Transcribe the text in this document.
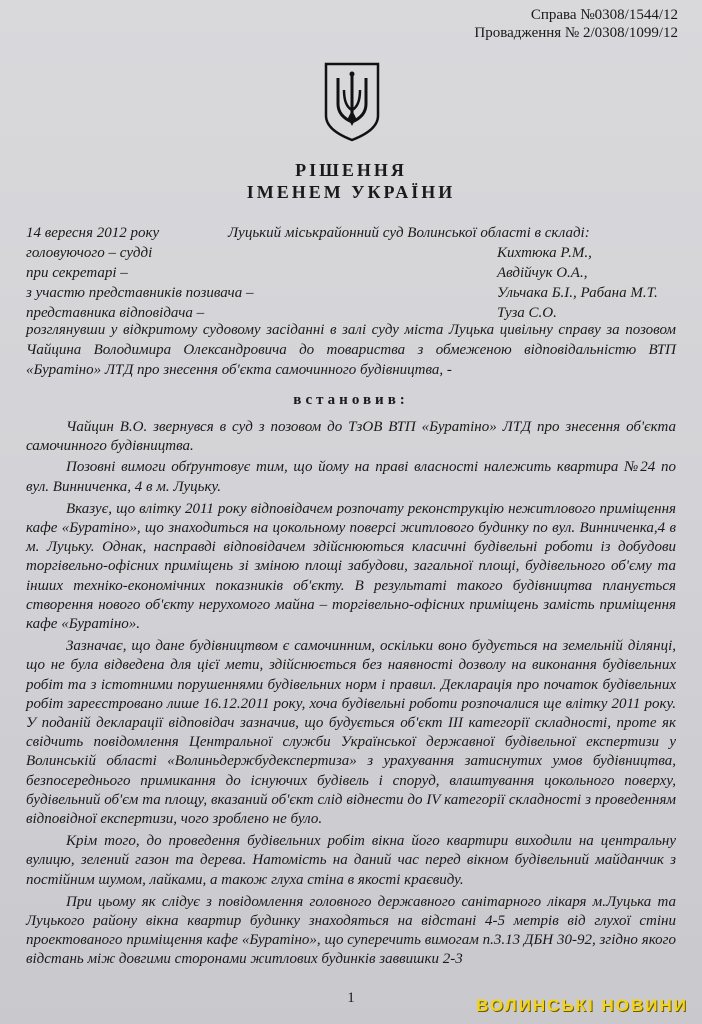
Справа №0308/1544/12
Провадження № 2/0308/1099/12
РІШЕННЯ
ІМЕНЕМ УКРАЇНИ
14 вересня 2012 року
головуючого – судді
при секретарі –
з участю представників позивача –
представника відповідача –
Луцький міськрайонний суд Волинської області в складі:
Кихтюка Р.М.,
Авдійчук О.А.,
Ульчака Б.І., Рабана М.Т.
Туза С.О.
розглянувши у відкритому судовому засіданні в залі суду міста Луцька цивільну справу за позовом Чайцина Володимира Олександровича до товариства з обмеженою відповідальністю ВТП «Буратіно» ЛТД про знесення об'єкта самочинного будівництва, -
встановив:

Чайцин В.О. звернувся в суд з позовом до ТзОВ ВТП «Буратіно» ЛТД про знесення об'єкта самочинного будівництва.

Позовні вимоги обґрунтовує тим, що йому на праві власності належить квартира №24 по вул. Винниченка, 4 в м. Луцьку.

Вказує, що влітку 2011 року відповідачем розпочату реконструкцію нежитлового приміщення кафе «Буратіно», що знаходиться на цокольному поверсі житлового будинку по вул. Винниченка,4 в м. Луцьку. Однак, насправді відповідачем здійснюються класичні будівельні роботи із добудови торгівельно-офісних приміщень зі зміною площі забудови, загальної площі, будівельного об'єму та інших техніко-економічних показників об'єкту. В результаті такого будівництва планується створення нового об'єкту нерухомого майна – торгівельно-офісних приміщень замість приміщення кафе «Буратіно».

Зазначає, що дане будівництвом є самочинним, оскільки воно будується на земельній ділянці, що не була відведена для цієї мети, здійснюється без наявності дозволу на виконання будівельних робіт та з істотними порушеннями будівельних норм і правил. Декларація про початок будівельних робіт зареєстровано лише 16.12.2011 року, хоча будівельні роботи розпочалися ще влітку 2011 року. У поданій декларації відповідач зазначив, що будується об'єкт III категорії складності, проте як свідчить повідомлення Центральної служби Української державної будівельної експертизи у Волинській області «Волиньдержбудекспертиза» з урахування затиснутих умов будівництва, безпосереднього примикання до існуючих будівель і споруд, влаштування цокольного поверху, будівельний об'єм та площу, вказаний об'єкт слід віднести до IV категорії складності з проведенням відповідної експертизи, чого зроблено не було.

Крім того, до проведення будівельних робіт вікна його квартири виходили на центральну вулицю, зелений газон та дерева. Натомість на даний час перед вікном будівельний майданчик з постійним шумом, лайками, а також глуха стіна в якості краєвиду.

При цьому як слідує з повідомлення головного державного санітарного лікаря м.Луцька та Луцького району вікна квартир будинку знаходяться на відстані 4-5 метрів від глухої стіни проектованого приміщення кафе «Буратіно», що суперечить вимогам п.3.13 ДБН 30-92, згідно якого відстань між довгими сторонами житлових будинків заввишки 2-3

1	ВОЛИНСЬКІ НОВИНИ
